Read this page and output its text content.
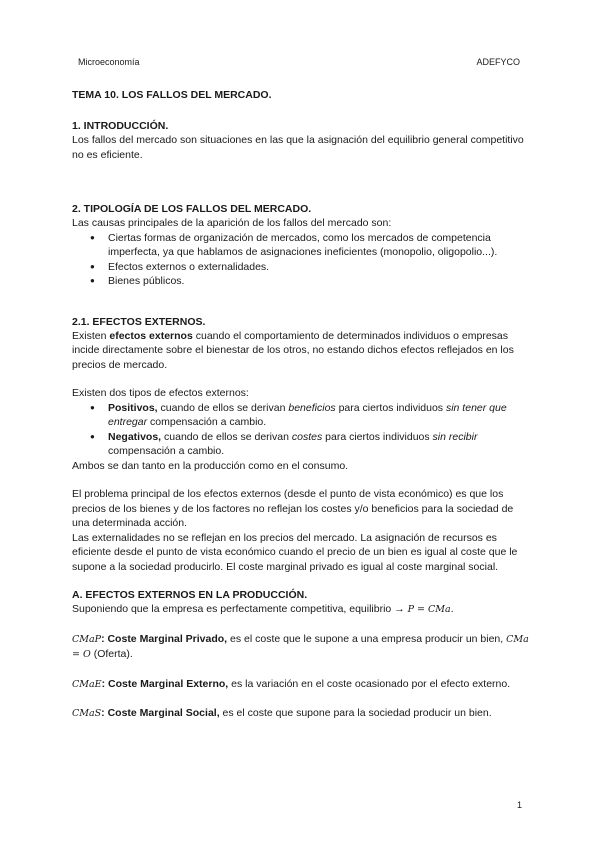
Microeconomía	ADEFYCO
TEMA 10. LOS FALLOS DEL MERCADO.
1. INTRODUCCIÓN.

Los fallos del mercado son situaciones en las que la asignación del equilibrio general competitivo no es eficiente.

2. TIPOLOGÍA DE LOS FALLOS DEL MERCADO.

Las causas principales de la aparición de los fallos del mercado son:

● Ciertas formas de organización de mercados, como los mercados de competencia imperfecta, ya que hablamos de asignaciones ineficientes (monopolio, oligopolio...).
● Efectos externos o externalidades.
● Bienes públicos.
2.1. EFECTOS EXTERNOS.

Existen efectos externos cuando el comportamiento de determinados individuos o empresas incide directamente sobre el bienestar de los otros, no estando dichos efectos reflejados en los precios de mercado.

Existen dos tipos de efectos externos:

● Positivos, cuando de ellos se derivan beneficios para ciertos individuos sin tener que entregar compensación a cambio.
● Negativos, cuando de ellos se derivan costes para ciertos individuos sin recibir compensación a cambio.

Ambos se dan tanto en la producción como en el consumo.

El problema principal de los efectos externos (desde el punto de vista económico) es que los precios de los bienes y de los factores no reflejan los costes y/o beneficios para la sociedad de una determinada acción.

Las externalidades no se reflejan en los precios del mercado. La asignación de recursos es eficiente desde el punto de vista económico cuando el precio de un bien es igual al coste que le supone a la sociedad producirlo. El coste marginal privado es igual al coste marginal social.

A. EFECTOS EXTERNOS EN LA PRODUCCIÓN.

Suponiendo que la empresa es perfectamente competitiva, equilibrio → P = CMa.

CMaP: Coste Marginal Privado, es el coste que le supone a una empresa producir un bien, CMa = O (Oferta).

CMaE: Coste Marginal Externo, es la variación en el coste ocasionado por el efecto externo.

CMaS: Coste Marginal Social, es el coste que supone para la sociedad producir un bien.

1
